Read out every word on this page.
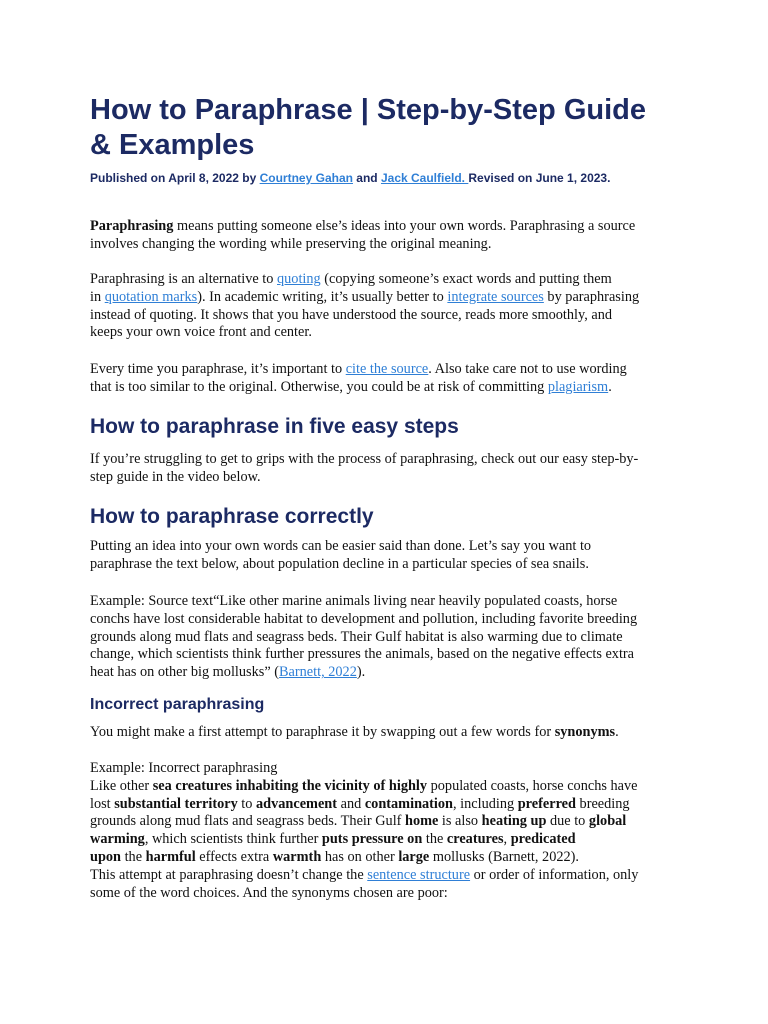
How to Paraphrase | Step-by-Step Guide
& Examples
Published on April 8, 2022 by Courtney Gahan and Jack Caulfield. Revised on June 1, 2023.
Paraphrasing means putting someone else’s ideas into your own words. Paraphrasing a source
involves changing the wording while preserving the original meaning.
Paraphrasing is an alternative to quoting (copying someone’s exact words and putting them
in quotation marks). In academic writing, it’s usually better to integrate sources by paraphrasing
instead of quoting. It shows that you have understood the source, reads more smoothly, and
keeps your own voice front and center.
Every time you paraphrase, it’s important to cite the source. Also take care not to use wording
that is too similar to the original. Otherwise, you could be at risk of committing plagiarism.
How to paraphrase in five easy steps
If you’re struggling to get to grips with the process of paraphrasing, check out our easy step-by-
step guide in the video below.
How to paraphrase correctly
Putting an idea into your own words can be easier said than done. Let’s say you want to
paraphrase the text below, about population decline in a particular species of sea snails.
Example: Source text“Like other marine animals living near heavily populated coasts, horse
conchs have lost considerable habitat to development and pollution, including favorite breeding
grounds along mud flats and seagrass beds. Their Gulf habitat is also warming due to climate
change, which scientists think further pressures the animals, based on the negative effects extra
heat has on other big mollusks” (Barnett, 2022).
Incorrect paraphrasing
You might make a first attempt to paraphrase it by swapping out a few words for synonyms.
Example: Incorrect paraphrasing
Like other sea creatures inhabiting the vicinity of highly populated coasts, horse conchs have
lost substantial territory to advancement and contamination, including preferred breeding
grounds along mud flats and seagrass beds. Their Gulf home is also heating up due to global
warming, which scientists think further puts pressure on the creatures, predicated
upon the harmful effects extra warmth has on other large mollusks (Barnett, 2022).
This attempt at paraphrasing doesn’t change the sentence structure or order of information, only
some of the word choices. And the synonyms chosen are poor:
